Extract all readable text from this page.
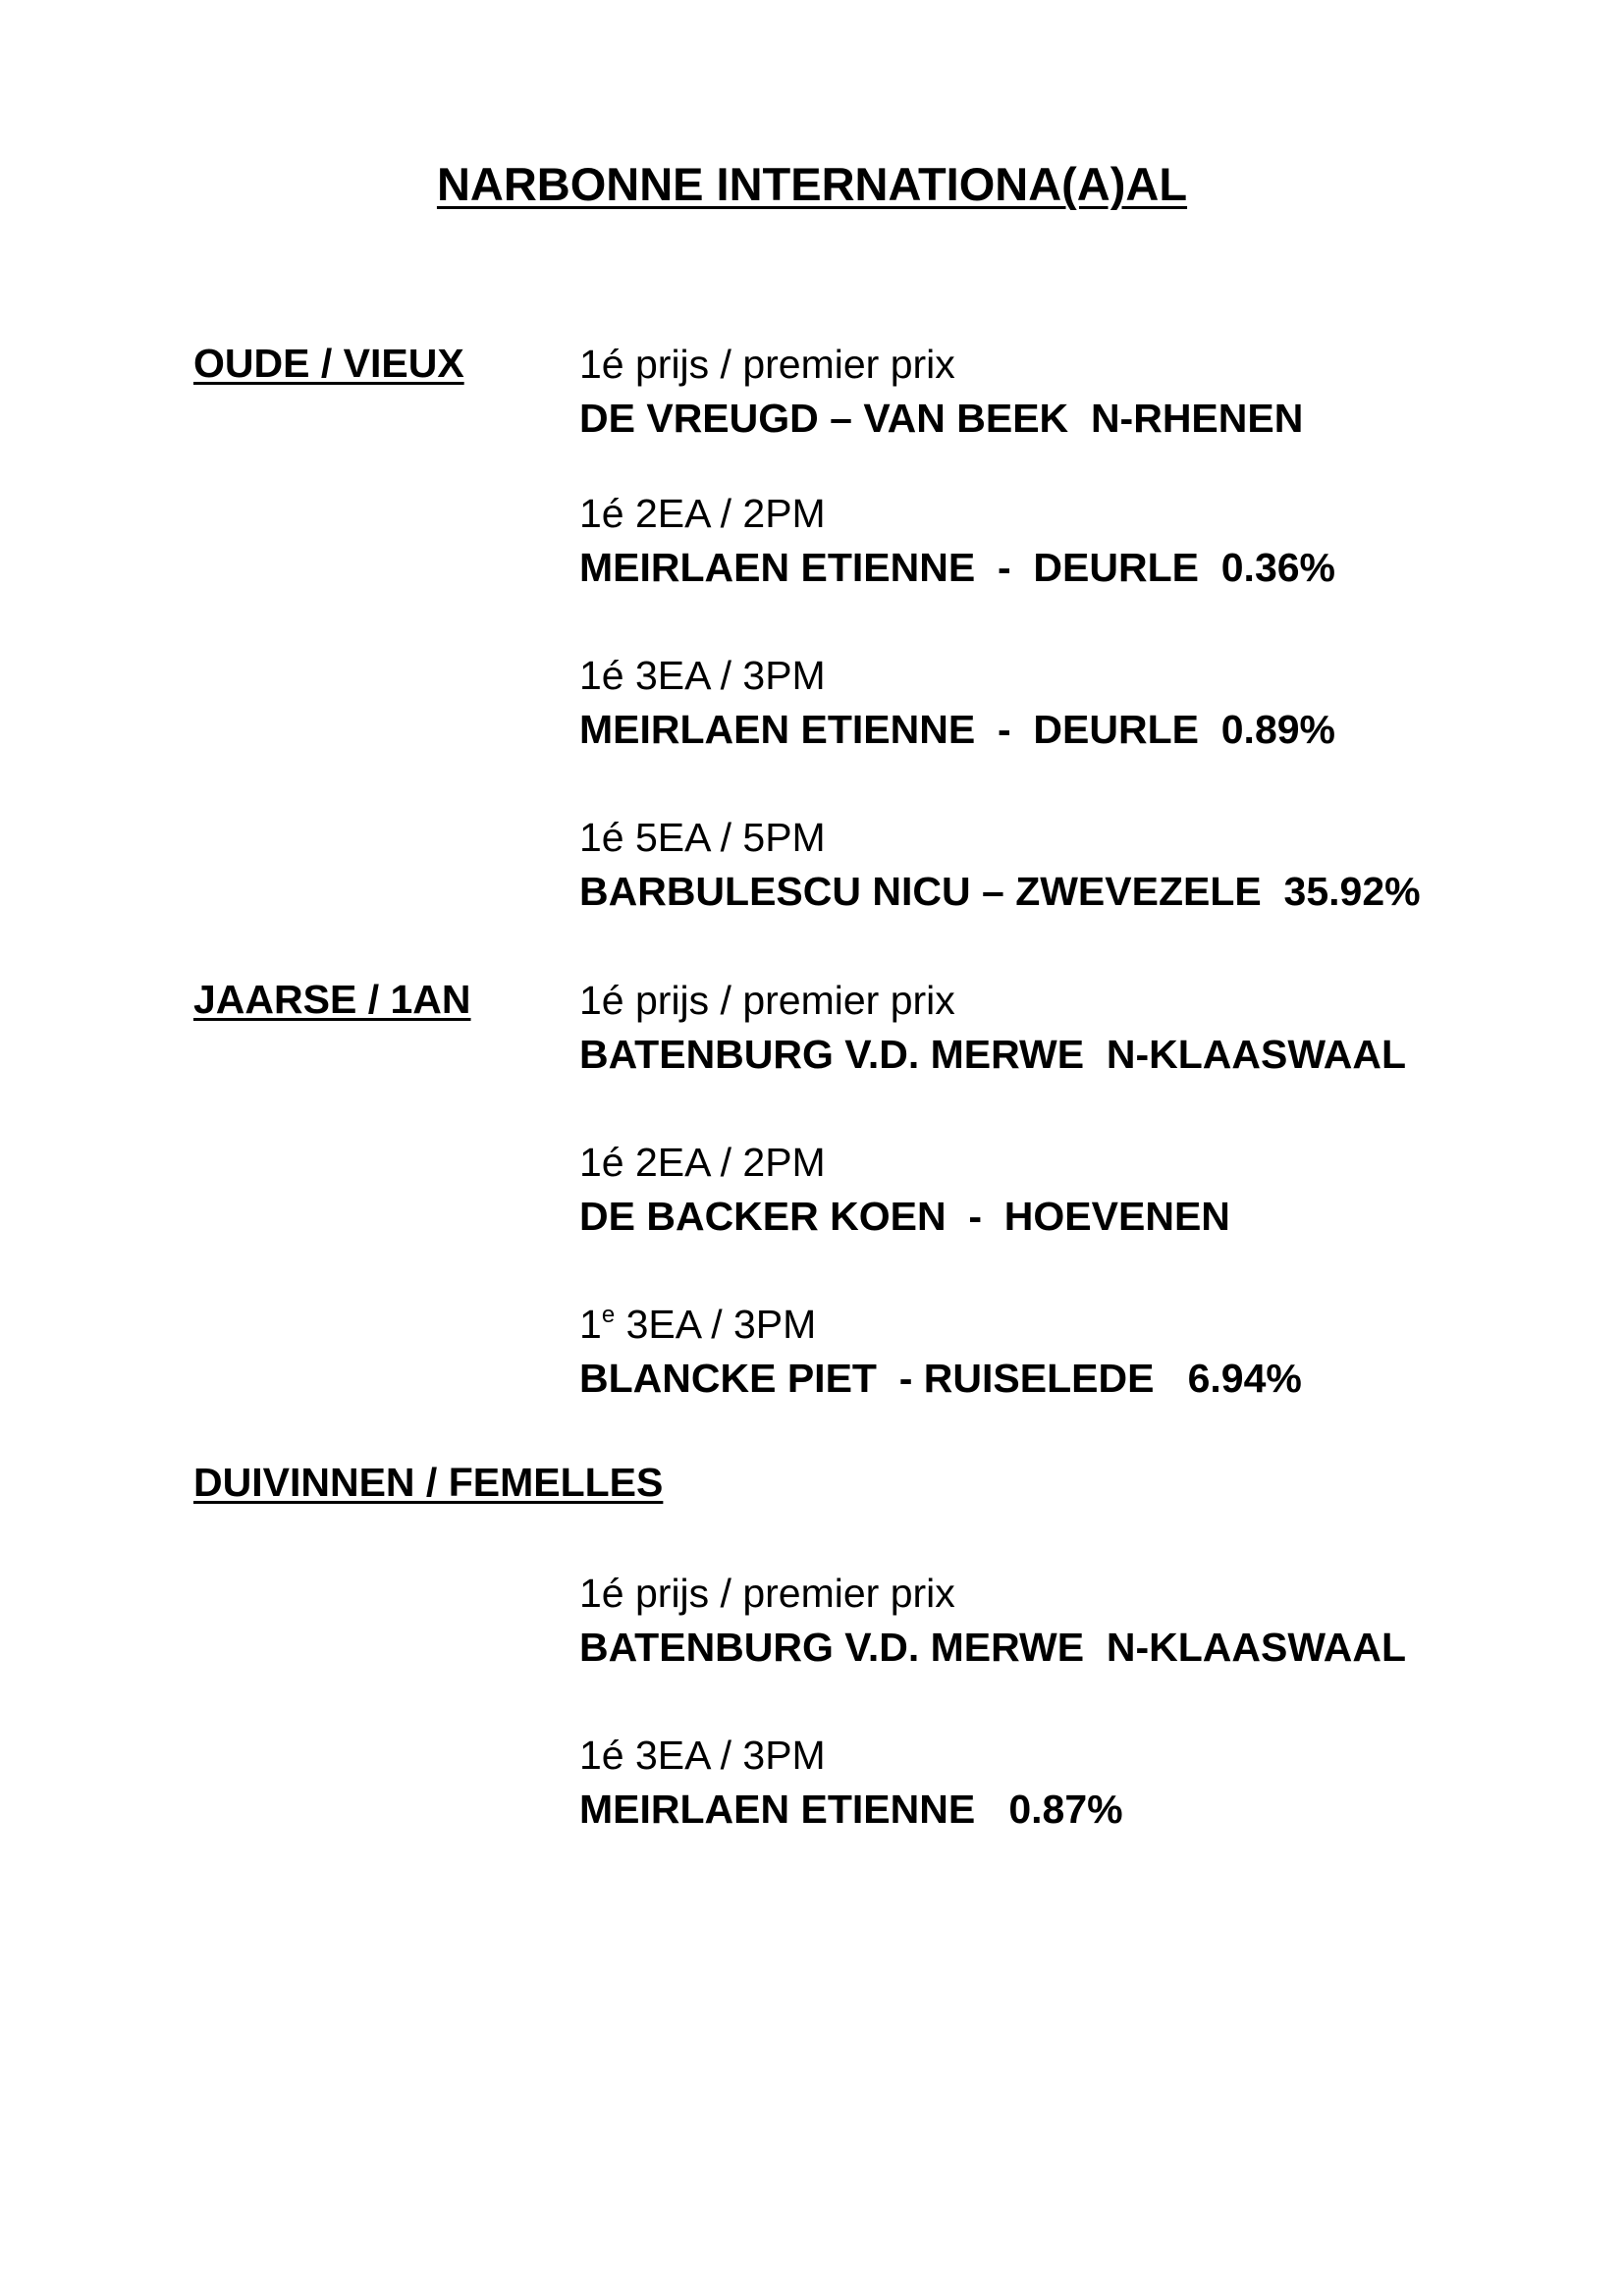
NARBONNE INTERNATIONA(A)AL
OUDE / VIEUX	1é prijs / premier prix
DE VREUGD – VAN BEEK  N-RHENEN
1é 2EA / 2PM
MEIRLAEN ETIENNE  -  DEURLE  0.36%
1é 3EA / 3PM
MEIRLAEN ETIENNE  -  DEURLE  0.89%
1é 5EA / 5PM
BARBULESCU NICU – ZWEVEZELE  35.92%
JAARSE / 1AN	1é prijs / premier prix
BATENBURG V.D. MERWE  N-KLAASWAAL
1é 2EA / 2PM
DE BACKER KOEN  -  HOEVENEN
1e 3EA / 3PM
BLANCKE PIET  - RUISELEDE   6.94%
DUIVINNEN / FEMELLES
1é prijs / premier prix
BATENBURG V.D. MERWE  N-KLAASWAAL
1é 3EA / 3PM
MEIRLAEN ETIENNE   0.87%
